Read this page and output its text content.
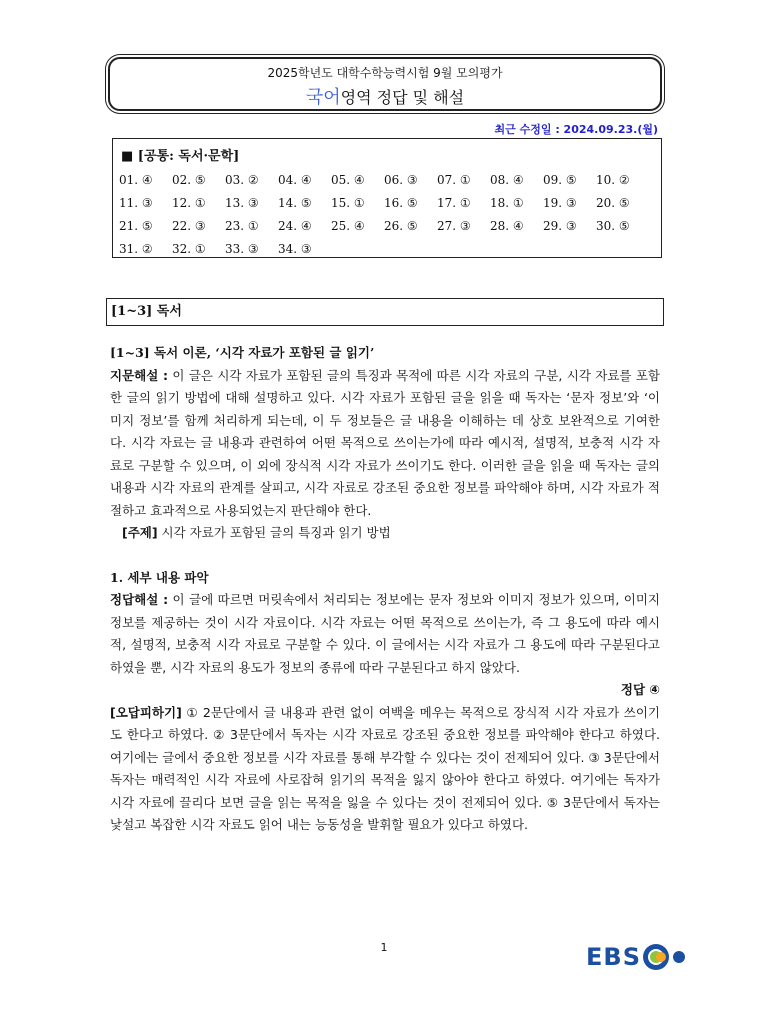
2025학년도 대학수학능력시험 9월 모의평가
국어영역 정답 및 해설
최근 수정일 : 2024.09.23.(월)
■ [공통: 독서·문학]
01. ④ 02. ⑤ 03. ② 04. ④ 05. ④ 06. ③ 07. ① 08. ④ 09. ⑤ 10. ②
11. ③ 12. ① 13. ③ 14. ⑤ 15. ① 16. ⑤ 17. ① 18. ① 19. ③ 20. ⑤
21. ⑤ 22. ③ 23. ① 24. ④ 25. ④ 26. ⑤ 27. ③ 28. ④ 29. ③ 30. ⑤
31. ② 32. ① 33. ③ 34. ③
[1~3] 독서

[1~3] 독서 이론, ‘시각 자료가 포함된 글 읽기’

지문해설 : 이 글은 시각 자료가 포함된 글의 특징과 목적에 따른 시각 자료의 구분, 시각 자료를 포함한 글의 읽기 방법에 대해 설명하고 있다. 시각 자료가 포함된 글을 읽을 때 독자는 ‘문자 정보’와 ‘이미지 정보’를 함께 처리하게 되는데, 이 두 정보들은 글 내용을 이해하는 데 상호 보완적으로 기여한다. 시각 자료는 글 내용과 관련하여 어떤 목적으로 쓰이는가에 따라 예시적, 설명적, 보충적 시각 자료로 구분할 수 있으며, 이 외에 장식적 시각 자료가 쓰이기도 한다. 이러한 글을 읽을 때 독자는 글의 내용과 시각 자료의 관계를 살피고, 시각 자료로 강조된 중요한 정보를 파악해야 하며, 시각 자료가 적절하고 효과적으로 사용되었는지 판단해야 한다.

[주제] 시각 자료가 포함된 글의 특징과 읽기 방법

1. 세부 내용 파악

정답해설 : 이 글에 따르면 머릿속에서 처리되는 정보에는 문자 정보와 이미지 정보가 있으며, 이미지 정보를 제공하는 것이 시각 자료이다. 시각 자료는 어떤 목적으로 쓰이는가, 즉 그 용도에 따라 예시적, 설명적, 보충적 시각 자료로 구분할 수 있다. 이 글에서는 시각 자료가 그 용도에 따라 구분된다고 하였을 뿐, 시각 자료의 용도가 정보의 종류에 따라 구분된다고 하지 않았다.

정답 ④

[오답피하기] ① 2문단에서 글 내용과 관련 없이 여백을 메우는 목적으로 장식적 시각 자료가 쓰이기도 한다고 하였다. ② 3문단에서 독자는 시각 자료로 강조된 중요한 정보를 파악해야 한다고 하였다. 여기에는 글에서 중요한 정보를 시각 자료를 통해 부각할 수 있다는 것이 전제되어 있다. ③ 3문단에서 독자는 매력적인 시각 자료에 사로잡혀 읽기의 목적을 잃지 않아야 한다고 하였다. 여기에는 독자가 시각 자료에 끌리다 보면 글을 읽는 목적을 잃을 수 있다는 것이 전제되어 있다. ⑤ 3문단에서 독자는 낯설고 복잡한 시각 자료도 읽어 내는 능동성을 발휘할 필요가 있다고 하였다.

1	EBS
